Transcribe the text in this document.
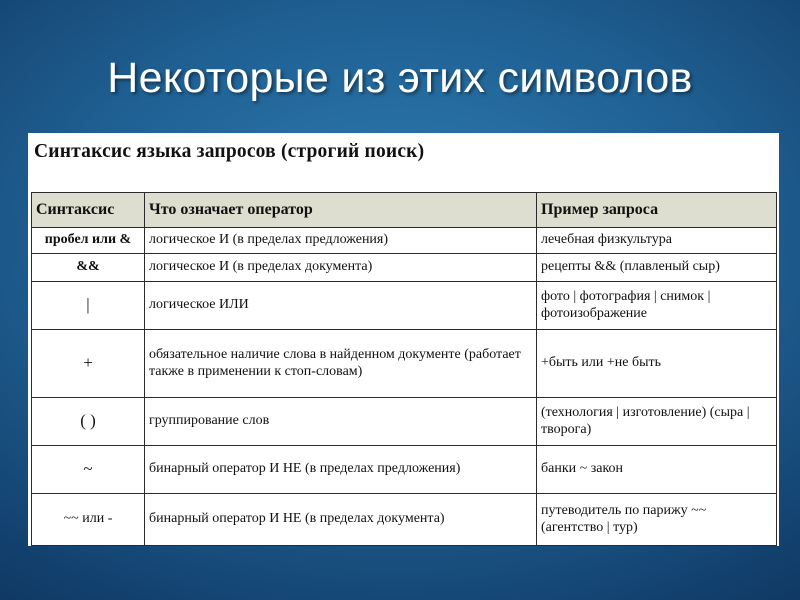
Некоторые из этих символов
Синтаксис языка запросов (строгий поиск)
Синтаксис	Что означает оператор	Пример запроса
пробел или &	логическое И (в пределах предложения)	лечебная физкультура
&&	логическое И (в пределах документа)	рецепты && (плавленый сыр)
|	логическое ИЛИ	фото | фотография | снимок | фотоизображение
+	обязательное наличие слова в найденном документе (работает также в применении к стоп-словам)	+быть или +не быть
( )	группирование слов	(технология | изготовление) (сыра | творога)
~	бинарный оператор И НЕ (в пределах предложения)	банки ~ закон
~~ или -	бинарный оператор И НЕ (в пределах документа)	путеводитель по парижу ~~ (агентство | тур)
